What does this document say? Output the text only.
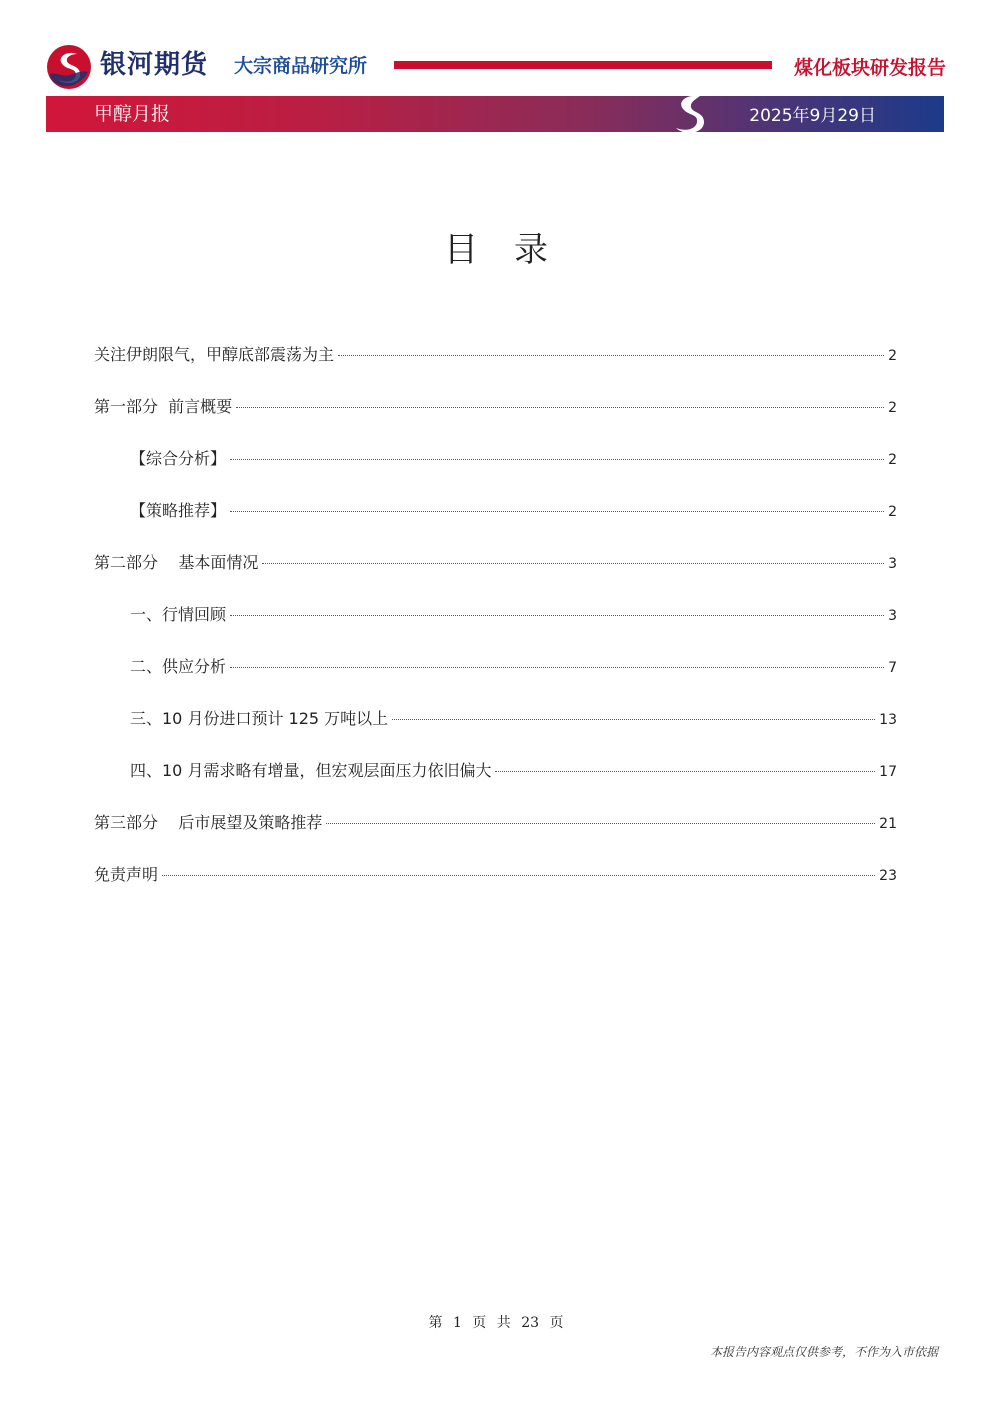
银河期货 大宗商品研究所	煤化板块研发报告
甲醇月报	2025年9月29日
目录
关注伊朗限气，甲醇底部震荡为主	2
第一部分  前言概要	2
【综合分析】	2
【策略推荐】	2
第二部分    基本面情况	3
一、行情回顾	3
二、供应分析	7
三、10 月份进口预计 125 万吨以上	13
四、10 月需求略有增量，但宏观层面压力依旧偏大	17
第三部分    后市展望及策略推荐	21
免责声明	23
第 1 页 共 23 页
本报告内容观点仅供参考，不作为入市依据
